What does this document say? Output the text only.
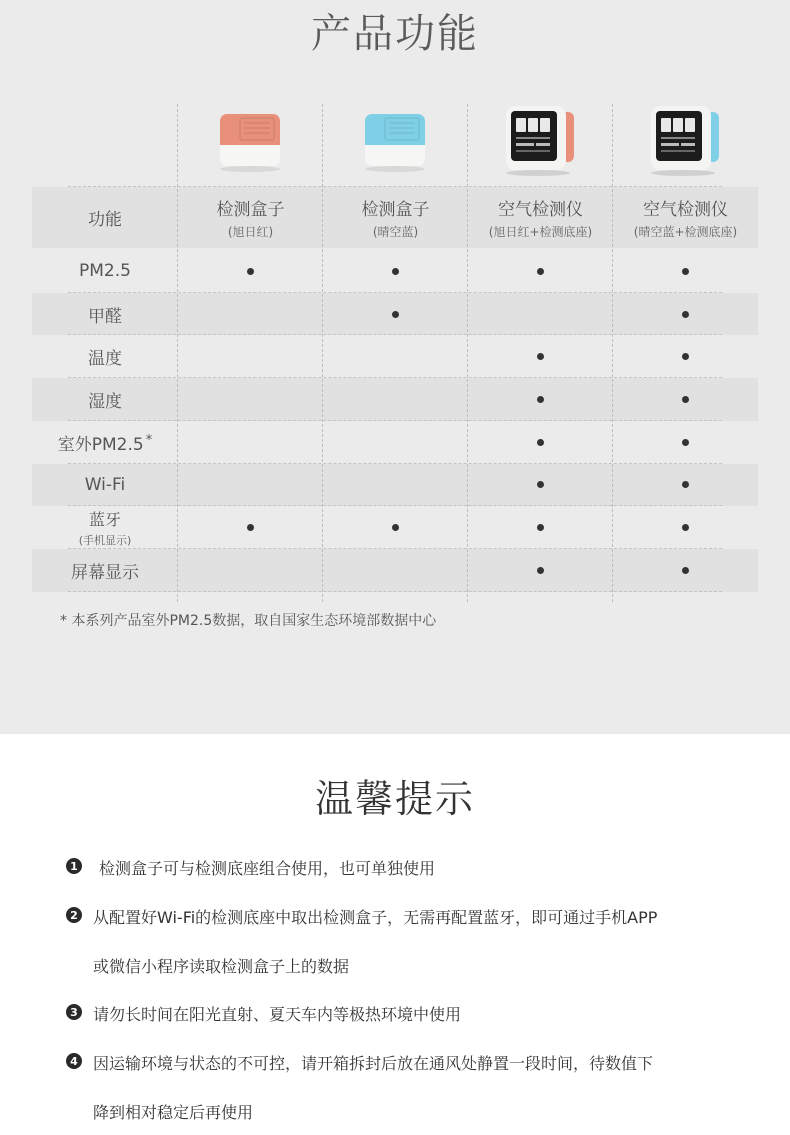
产品功能
功能	检测盒子
(旭日红)
检测盒子
(晴空蓝)
空气检测仪
(旭日红+检测底座)
空气检测仪
(晴空蓝+检测底座)
PM2.5
甲醛
温度
湿度
室外PM2.5 *
Wi-Fi
蓝牙
(手机显示)
屏幕显示
* 本系列产品室外PM2.5数据，取自国家生态环境部数据中心
温馨提示
1 检测盒子可与检测底座组合使用，也可单独使用
2 从配置好Wi-Fi的检测底座中取出检测盒子，无需再配置蓝牙，即可通过手机APP
或微信小程序读取检测盒子上的数据
3 请勿长时间在阳光直射、夏天车内等极热环境中使用
4 因运输环境与状态的不可控，请开箱拆封后放在通风处静置一段时间，待数值下
降到相对稳定后再使用
